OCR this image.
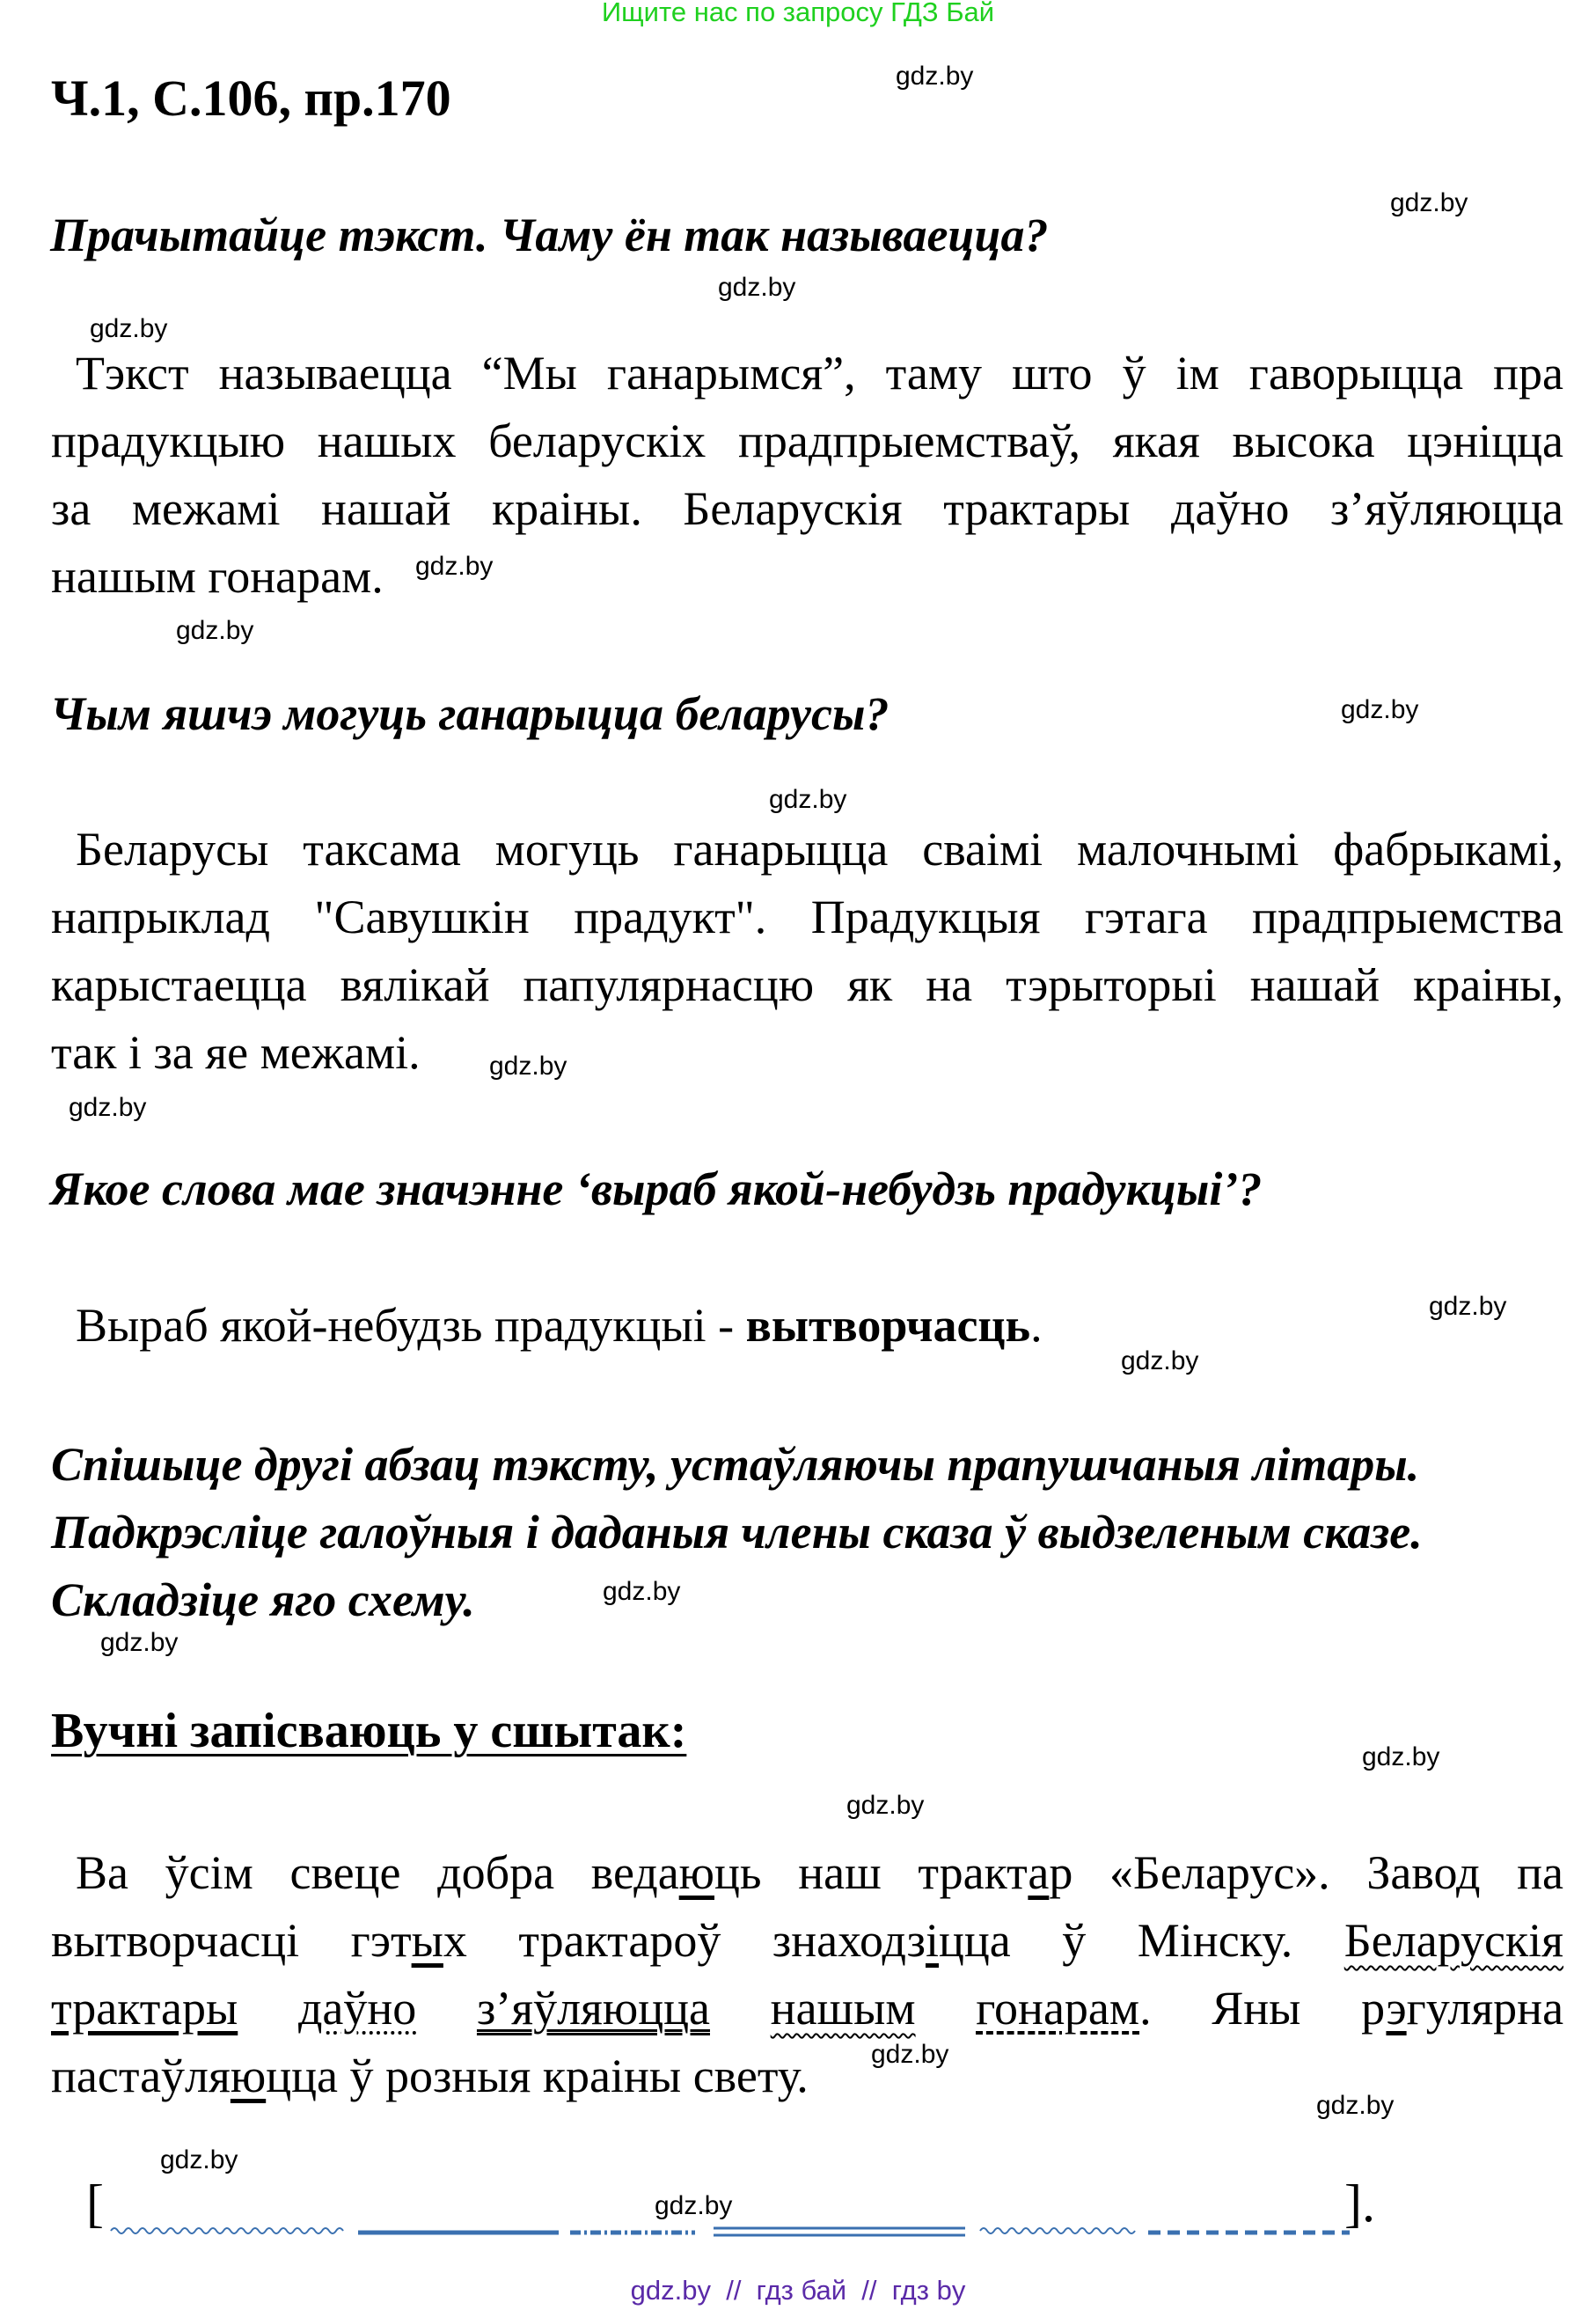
Ищите нас по запросу ГДЗ Бай
Ч.1, С.106, пр.170
Прачытайце тэкст. Чаму ён так называецца?
Тэкст называецца “Мы ганарымся”, таму што ў ім гаворыцца пра
прадукцыю нашых беларускіх прадпрыемстваў, якая высока цэніцца
за межамі нашай краіны. Беларускія трактары даўно з’яўляюцца
нашым гонарам.
Чым яшчэ могуць ганарыцца беларусы?
Беларусы таксама могуць ганарыцца сваімі малочнымі фабрыкамі,
напрыклад "Савушкін прадукт". Прадукцыя гэтага прадпрыемства
карыстаецца вялікай папулярнасцю як на тэрыторыі нашай краіны,
так і за яе межамі.
Якое слова мае значэнне ‘выраб якой-небудзь прадукцыі’?
Выраб якой-небудзь прадукцыі - вытворчасць.
Спішыце другі абзац тэксту, устаўляючы прапушчаныя літары.
Падкрэсліце галоўныя і даданыя члены сказа ў выдзеленым сказе.
Складзіце яго схему.
Вучні запісваюць у сшытак:
Ва ўсім свеце добра ведаюць наш трактар «Беларус». Завод па
вытворчасці гэтых трактароў знаходзіцца ў Мінску. Беларускія
трактары даўно з’яўляюцца нашым гонарам. Яны рэгулярна
пастаўляюцца ў розныя краіны свету.
[	].
gdz.by
gdz.by
gdz.by
gdz.by
gdz.by
gdz.by
gdz.by
gdz.by
gdz.by
gdz.by
gdz.by
gdz.by
gdz.by
gdz.by
gdz.by
gdz.by
gdz.by
gdz.by
gdz.by
gdz.by
gdz.by  //  гдз бай  //  гдз by
